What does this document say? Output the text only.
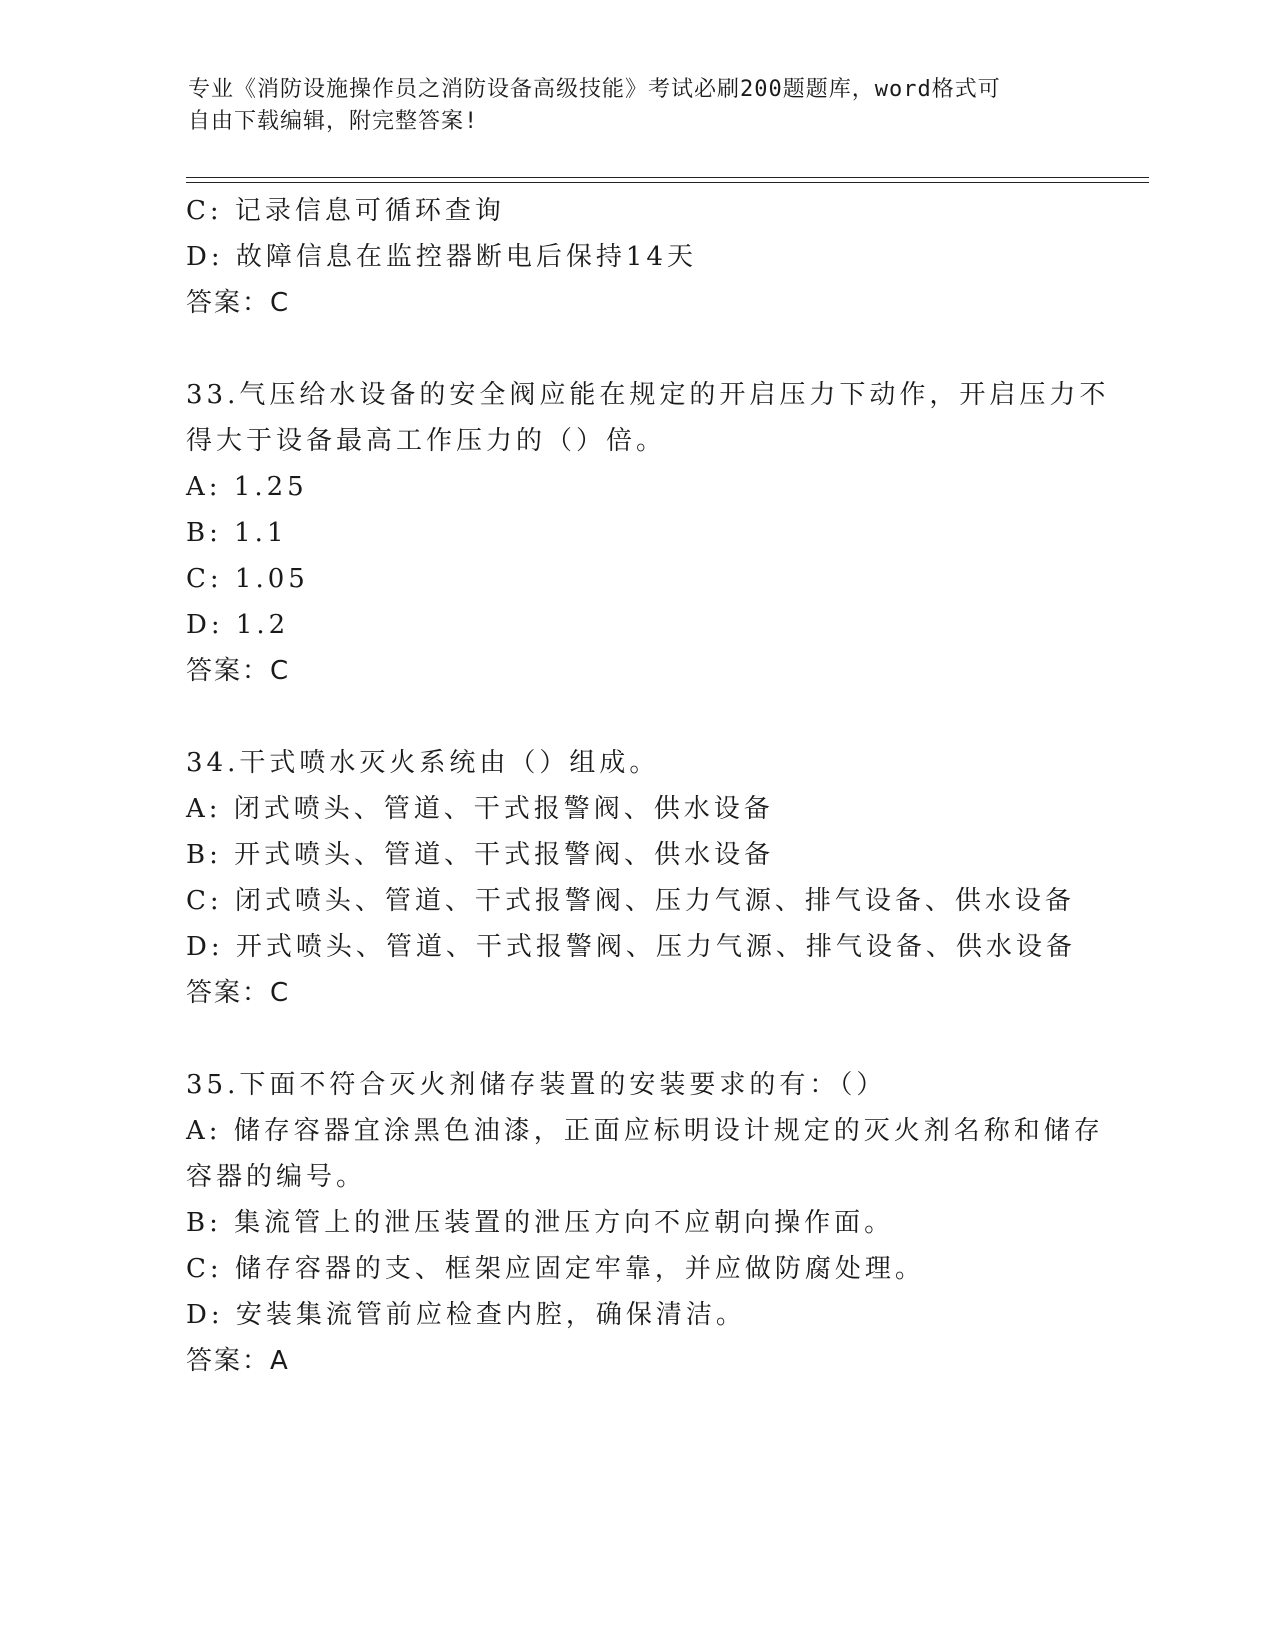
专业《消防设施操作员之消防设备高级技能》考试必刷200题题库，word格式可
自由下载编辑，附完整答案!
C: 记录信息可循环查询
D: 故障信息在监控器断电后保持14天
答案：C
33.气压给水设备的安全阀应能在规定的开启压力下动作，开启压力不
得大于设备最高工作压力的（）倍。
A: 1.25
B: 1.1
C: 1.05
D: 1.2
答案：C
34.干式喷水灭火系统由（）组成。
A: 闭式喷头、管道、干式报警阀、供水设备
B: 开式喷头、管道、干式报警阀、供水设备
C: 闭式喷头、管道、干式报警阀、压力气源、排气设备、供水设备
D: 开式喷头、管道、干式报警阀、压力气源、排气设备、供水设备
答案：C
35.下面不符合灭火剂储存装置的安装要求的有：（）
A: 储存容器宜涂黑色油漆，正面应标明设计规定的灭火剂名称和储存
容器的编号。
B: 集流管上的泄压装置的泄压方向不应朝向操作面。
C: 储存容器的支、框架应固定牢靠，并应做防腐处理。
D: 安装集流管前应检查内腔，确保清洁。
答案：A
